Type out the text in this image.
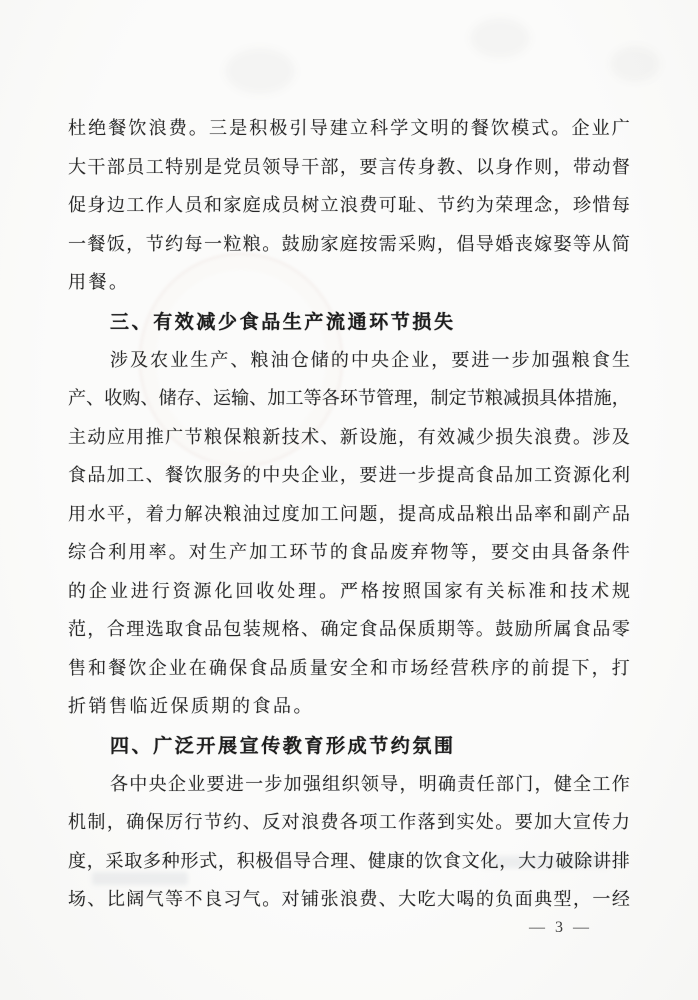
杜 绝 餐 饮 浪 费 。 三 是 积 极 引 导 建 立 科 学 文 明 的 餐 饮 模 式 。 企 业 广
大 干 部 员 工 特 别 是 党 员 领 导 干 部 ， 要 言 传 身 教 、 以 身 作 则 ， 带 动 督
促 身 边 工 作 人 员 和 家 庭 成 员 树 立 浪 费 可 耻 、 节 约 为 荣 理 念 ， 珍 惜 每
一 餐 饭 ， 节 约 每 一 粒 粮 。 鼓 励 家 庭 按 需 采 购 ， 倡 导 婚 丧 嫁 娶 等 从 简
用餐。
三、有效减少食品生产流通环节损失
涉 及 农 业 生 产 、 粮 油 仓 储 的 中 央 企 业 ， 要 进 一 步 加 强 粮 食 生
产 、 收 购 、 储 存 、 运 输 、 加 工 等 各 环 节 管 理 ， 制 定 节 粮 减 损 具 体 措 施 ，
主 动 应 用 推 广 节 粮 保 粮 新 技 术 、 新 设 施 ， 有 效 减 少 损 失 浪 费 。 涉 及
食 品 加 工 、 餐 饮 服 务 的 中 央 企 业 ， 要 进 一 步 提 高 食 品 加 工 资 源 化 利
用 水 平 ， 着 力 解 决 粮 油 过 度 加 工 问 题 ， 提 高 成 品 粮 出 品 率 和 副 产 品
综 合 利 用 率 。 对 生 产 加 工 环 节 的 食 品 废 弃 物 等 ， 要 交 由 具 备 条 件
的 企 业 进 行 资 源 化 回 收 处 理 。 严 格 按 照 国 家 有 关 标 准 和 技 术 规
范 ， 合 理 选 取 食 品 包 装 规 格 、 确 定 食 品 保 质 期 等 。 鼓 励 所 属 食 品 零
售 和 餐 饮 企 业 在 确 保 食 品 质 量 安 全 和 市 场 经 营 秩 序 的 前 提 下 ， 打
折销售临近保质期的食品。
四、广泛开展宣传教育形成节约氛围
各 中 央 企 业 要 进 一 步 加 强 组 织 领 导 ， 明 确 责 任 部 门 ， 健 全 工 作
机 制 ， 确 保 厉 行 节 约 、 反 对 浪 费 各 项 工 作 落 到 实 处 。 要 加 大 宣 传 力
度 ， 采 取 多 种 形 式 ， 积 极 倡 导 合 理 、 健 康 的 饮 食 文 化 ， 大 力 破 除 讲 排
场 、 比 阔 气 等 不 良 习 气 。 对 铺 张 浪 费 、 大 吃 大 喝 的 负 面 典 型 ， 一 经
— 3 —
